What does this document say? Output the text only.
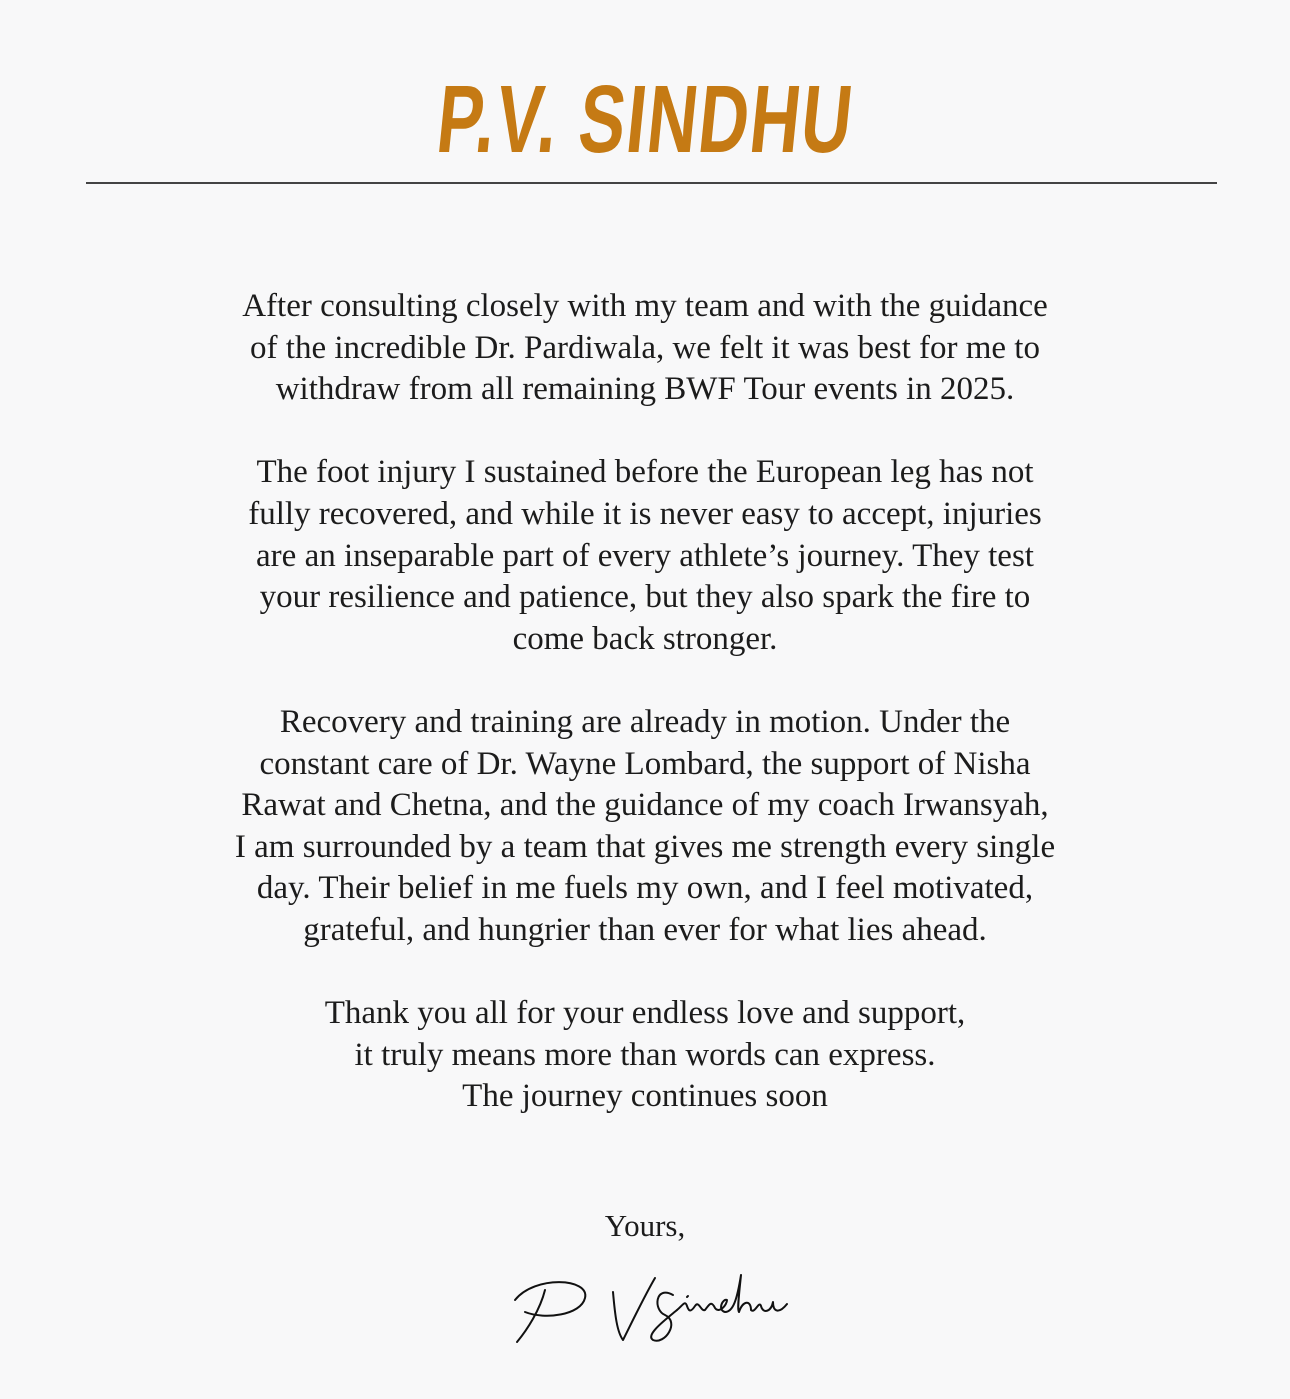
P.V. SINDHU

After consulting closely with my team and with the guidance
of the incredible Dr. Pardiwala, we felt it was best for me to
withdraw from all remaining BWF Tour events in 2025.

The foot injury I sustained before the European leg has not
fully recovered, and while it is never easy to accept, injuries
are an inseparable part of every athlete’s journey. They test
your resilience and patience, but they also spark the fire to
come back stronger.

Recovery and training are already in motion. Under the
constant care of Dr. Wayne Lombard, the support of Nisha
Rawat and Chetna, and the guidance of my coach Irwansyah,
I am surrounded by a team that gives me strength every single
day. Their belief in me fuels my own, and I feel motivated,
grateful, and hungrier than ever for what lies ahead.

Thank you all for your endless love and support,
it truly means more than words can express.
The journey continues soon

Yours,
